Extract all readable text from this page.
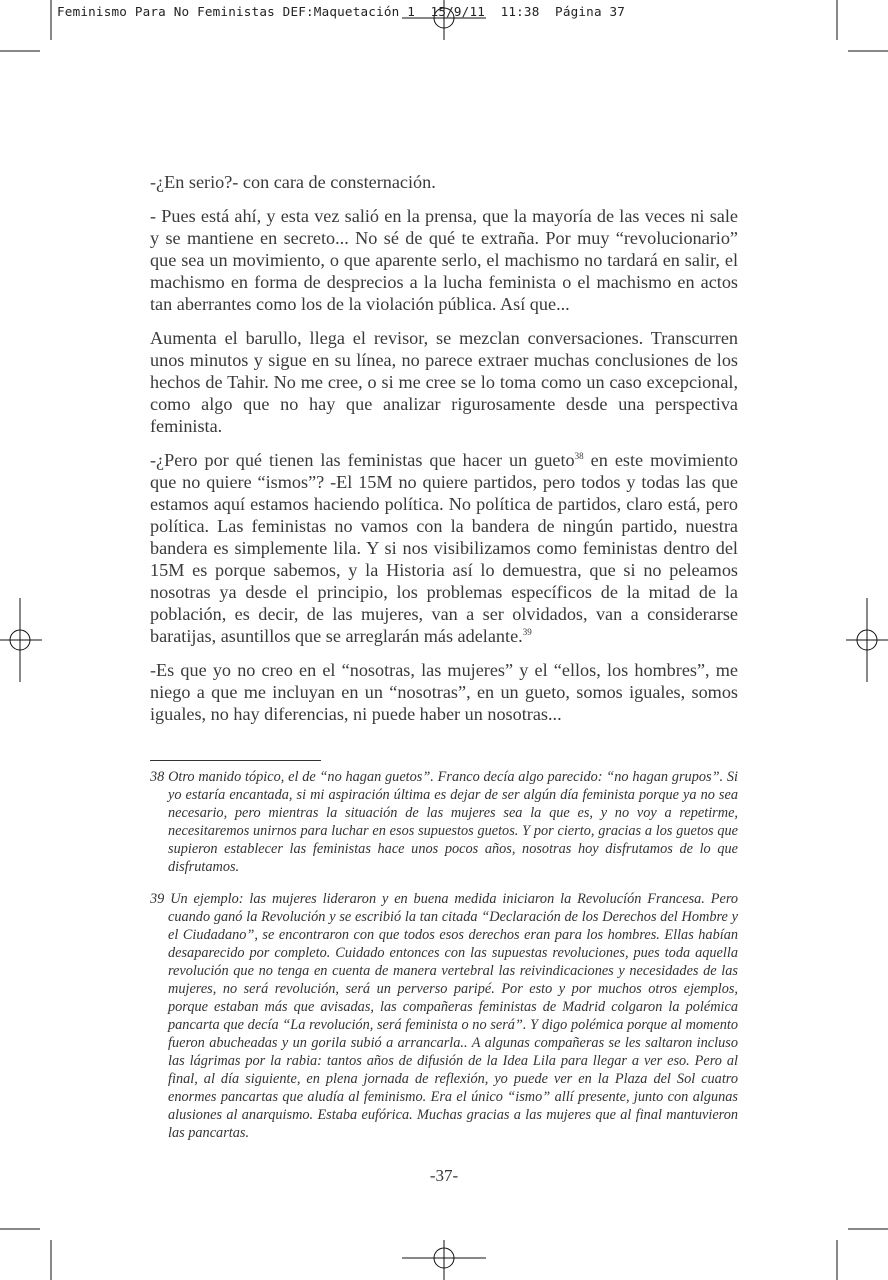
Feminismo Para No Feministas DEF:Maquetación 1  15/9/11  11:38  Página 37

-¿En serio?- con cara de consternación.

- Pues está ahí, y esta vez salió en la prensa, que la mayoría de las veces ni sale y se mantiene en secreto... No sé de qué te extraña. Por muy “revolucionario” que sea un movimiento, o que aparente serlo, el machismo no tardará en salir, el machismo en forma de desprecios a la lucha feminista o el machismo en actos tan aberrantes como los de la violación pública. Así que...

Aumenta el barullo, llega el revisor, se mezclan conversaciones. Transcurren unos minutos y sigue en su línea, no parece extraer muchas conclusiones de los hechos de Tahir. No me cree, o si me cree se lo toma como un caso excepcional, como algo que no hay que analizar rigurosamente desde una perspectiva feminista.

-¿Pero por qué tienen las feministas que hacer un gueto$^{38}$ en este movimiento que no quiere “ismos”? -El 15M no quiere partidos, pero todos y todas las que estamos aquí estamos haciendo política. No política de partidos, claro está, pero política. Las feministas no vamos con la bandera de ningún partido, nuestra bandera es simplemente lila. Y si nos visibilizamos como feministas dentro del 15M es porque sabemos, y la Historia así lo demuestra, que si no peleamos nosotras ya desde el principio, los problemas específicos de la mitad de la población, es decir, de las mujeres, van a ser olvidados, van a considerarse baratijas, asuntillos que se arreglarán más adelante.$^{39}$

-Es que yo no creo en el “nosotras, las mujeres” y el “ellos, los hombres”, me niego a que me incluyan en un “nosotras”, en un gueto, somos iguales, somos iguales, no hay diferencias, ni puede haber un nosotras...

38 Otro manido tópico, el de “no hagan guetos”. Franco decía algo parecido: “no hagan grupos”. Si yo estaría encantada, si mi aspiración última es dejar de ser algún día feminista porque ya no sea necesario, pero mientras la situación de las mujeres sea la que es, y no voy a repetirme, necesitaremos unirnos para luchar en esos supuestos guetos. Y por cierto, gracias a los guetos que supieron establecer las feministas hace unos pocos años, nosotras hoy disfrutamos de lo que disfrutamos.

39 Un ejemplo: las mujeres lideraron y en buena medida iniciaron la Revolucíón Francesa. Pero cuando ganó la Revolución y se escribió la tan citada “Declaración de los Derechos del Hombre y el Ciudadano”, se encontraron con que todos esos derechos eran para los hombres. Ellas habían desaparecido por completo. Cuidado entonces con las supuestas revoluciones, pues toda aquella revolución que no tenga en cuenta de manera vertebral las reivindicaciones y necesidades de las mujeres, no será revolución, será un perverso paripé. Por esto y por muchos otros ejemplos, porque estaban más que avisadas, las compañeras feministas de Madrid colgaron la polémica pancarta que decía “La revolución, será feminista o no será”. Y digo polémica porque al momento fueron abucheadas y un gorila subió a arrancarla.. A algunas compañeras se les saltaron incluso las lágrimas por la rabia: tantos años de difusión de la Idea Lila para llegar a ver eso. Pero al final, al día siguiente, en plena jornada de reflexión, yo puede ver en la Plaza del Sol cuatro enormes pancartas que aludía al feminismo. Era el único “ismo” allí presente, junto con algunas alusiones al anarquismo. Estaba eufórica. Muchas gracias a las mujeres que al final mantuvieron las pancartas.

-37-
